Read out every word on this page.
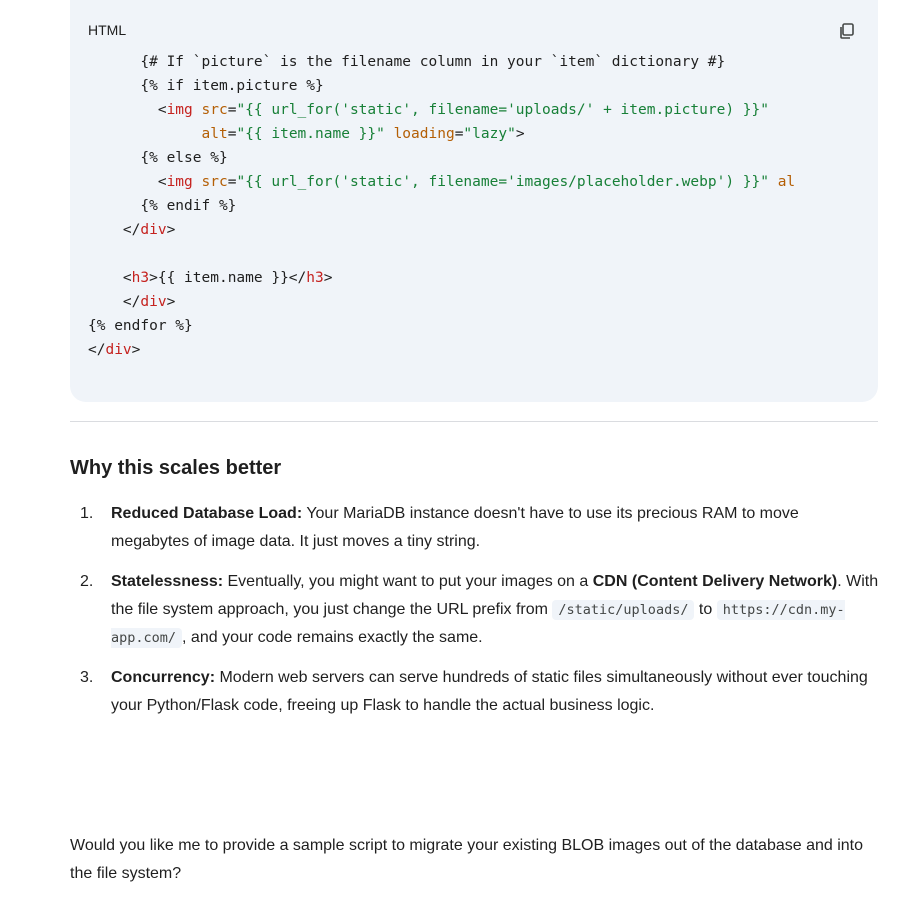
HTML
{# If `picture` is the filename column in your `item` dictionary #}
{% if item.picture %}
<img src="{{ url_for('static', filename='uploads/' + item.picture) }}"
alt="{{ item.name }}" loading="lazy">
{% else %}
<img src="{{ url_for('static', filename='images/placeholder.webp') }}" al
{% endif %}
</div>
<h3>{{ item.name }}</h3>
</div>
{% endfor %}
</div>
Why this scales better
1. Reduced Database Load: Your MariaDB instance doesn't have to use its precious RAM to move megabytes of image data. It just moves a tiny string.
2. Statelessness: Eventually, you might want to put your images on a CDN (Content Delivery Network). With the file system approach, you just change the URL prefix from /static/uploads/ to https://cdn.my-app.com/ , and your code remains exactly the same.
3. Concurrency: Modern web servers can serve hundreds of static files simultaneously without ever touching your Python/Flask code, freeing up Flask to handle the actual business logic.

Would you like me to provide a sample script to migrate your existing BLOB images out of the database and into the file system?
